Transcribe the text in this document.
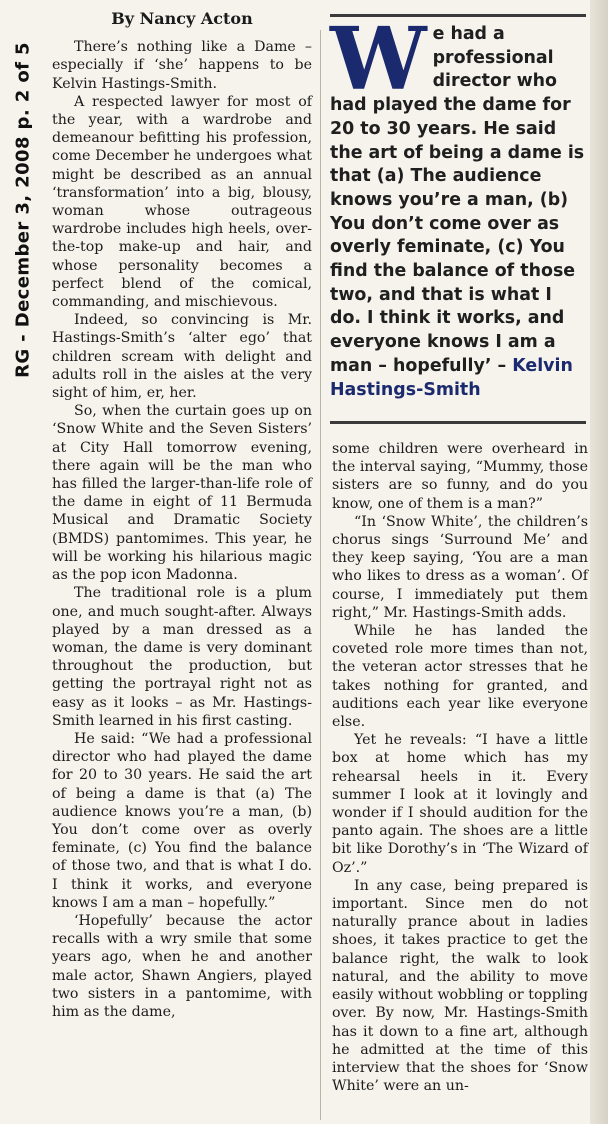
RG - December 3, 2008 p. 2 of 5
By Nancy Acton

There’s nothing like a Dame – especially if ‘she’ happens to be Kelvin Hastings-Smith.

A respected lawyer for most of the year, with a wardrobe and demeanour befitting his profession, come December he undergoes what might be described as an annual ‘transformation’ into a big, blousy, woman whose outrageous wardrobe includes high heels, over-the-top make-up and hair, and whose personality becomes a perfect blend of the comical, commanding, and mischievous.

Indeed, so convincing is Mr. Hastings-Smith’s ‘alter ego’ that children scream with delight and adults roll in the aisles at the very sight of him, er, her.

So, when the curtain goes up on ‘Snow White and the Seven Sisters’ at City Hall tomorrow evening, there again will be the man who has filled the larger-than-life role of the dame in eight of 11 Bermuda Musical and Dramatic Society (BMDS) pantomimes. This year, he will be working his hilarious magic as the pop icon Madonna.

The traditional role is a plum one, and much sought-after. Always played by a man dressed as a woman, the dame is very dominant throughout the production, but getting the portrayal right not as easy as it looks – as Mr. Hastings-Smith learned in his first casting.

He said: “We had a professional director who had played the dame for 20 to 30 years. He said the art of being a dame is that (a) The audience knows you’re a man, (b) You don’t come over as overly feminate, (c) You find the balance of those two, and that is what I do. I think it works, and everyone knows I am a man – hopefully.”

‘Hopefully’ because the actor recalls with a wry smile that some years ago, when he and another male actor, Shawn Angiers, played two sisters in a pantomime, with him as the dame,

W e had a professional director who had played the dame for 20 to 30 years. He said the art of being a dame is that (a) The audience knows you’re a man, (b) You don’t come over as overly feminate, (c) You find the balance of those two, and that is what I do. I think it works, and everyone knows I am a man – hopefully’ – Kelvin Hastings-Smith

some children were overheard in the interval saying, “Mummy, those sisters are so funny, and do you know, one of them is a man?”

“In ‘Snow White’, the children’s chorus sings ‘Surround Me’ and they keep saying, ‘You are a man who likes to dress as a woman’. Of course, I immediately put them right,” Mr. Hastings-Smith adds.

While he has landed the coveted role more times than not, the veteran actor stresses that he takes nothing for granted, and auditions each year like everyone else.

Yet he reveals: “I have a little box at home which has my rehearsal heels in it. Every summer I look at it lovingly and wonder if I should audition for the panto again. The shoes are a little bit like Dorothy’s in ‘The Wizard of Oz’.”

In any case, being prepared is important. Since men do not naturally prance about in ladies shoes, it takes practice to get the balance right, the walk to look natural, and the ability to move easily without wobbling or toppling over. By now, Mr. Hastings-Smith has it down to a fine art, although he admitted at the time of this interview that the shoes for ‘Snow White’ were an un-
